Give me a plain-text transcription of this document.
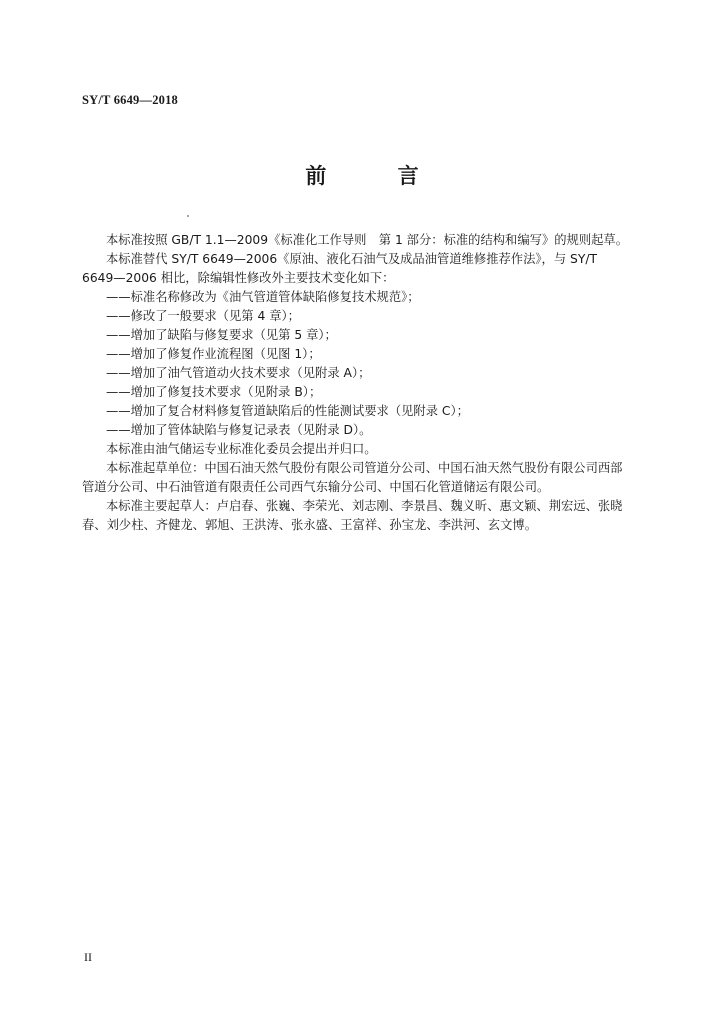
SY/T 6649—2018
前 言

本标准按照 GB/T 1.1—2009《标准化工作导则　第 1 部分：标准的结构和编写》的规则起草。

本标准替代 SY/T 6649—2006《原油、液化石油气及成品油管道维修推荐作法》，与 SY/T

6649—2006 相比，除编辑性修改外主要技术变化如下：

——标准名称修改为《油气管道管体缺陷修复技术规范》；

——修改了一般要求（见第 4 章）；

——增加了缺陷与修复要求（见第 5 章）；

——增加了修复作业流程图（见图 1）；

——增加了油气管道动火技术要求（见附录 A）；

——增加了修复技术要求（见附录 B）；

——增加了复合材料修复管道缺陷后的性能测试要求（见附录 C）；

——增加了管体缺陷与修复记录表（见附录 D）。

本标准由油气储运专业标准化委员会提出并归口。

本标准起草单位：中国石油天然气股份有限公司管道分公司、中国石油天然气股份有限公司西部

管道分公司、中石油管道有限责任公司西气东输分公司、中国石化管道储运有限公司。

本标准主要起草人：卢启春、张巍、李荣光、刘志刚、李景昌、魏义昕、惠文颖、荆宏远、张晓

春、刘少柱、齐健龙、郭旭、王洪涛、张永盛、王富祥、孙宝龙、李洪河、玄文博。

II
